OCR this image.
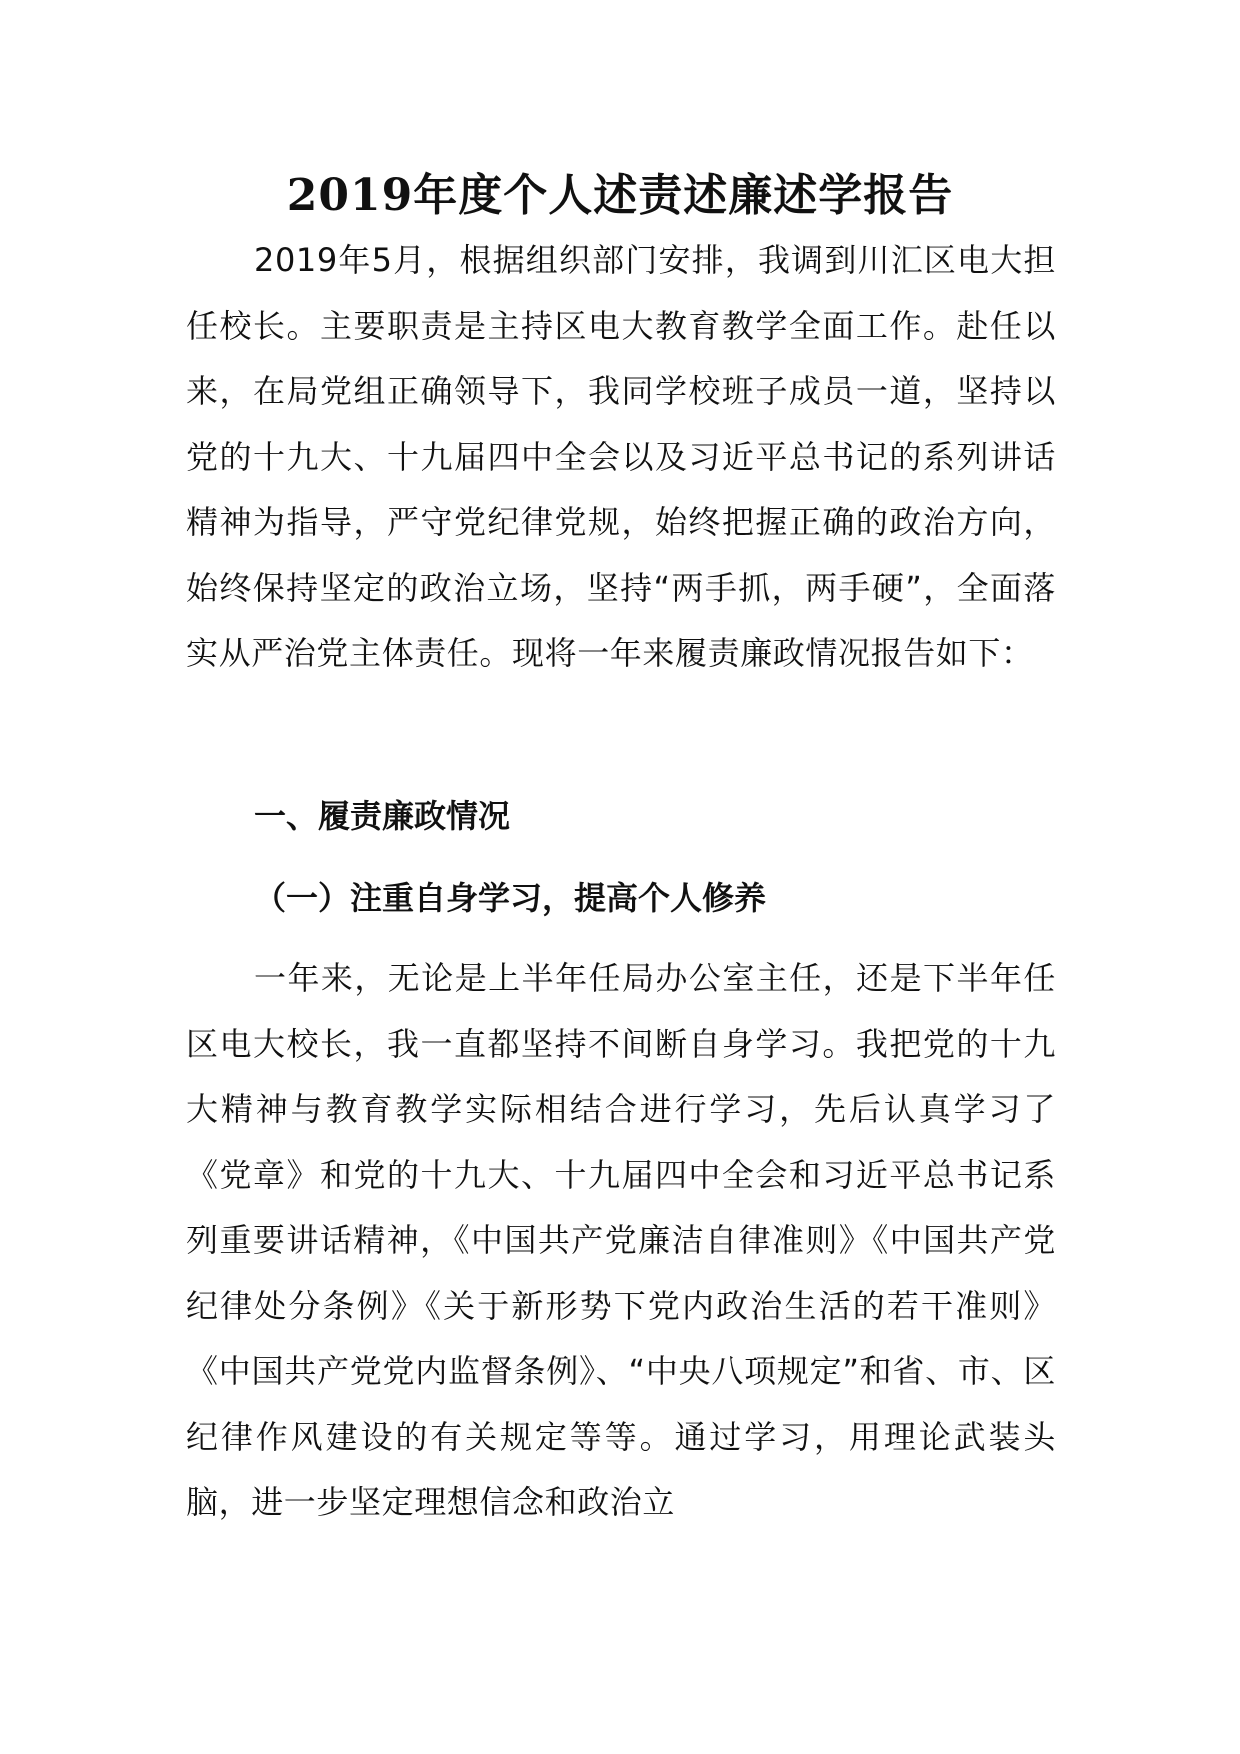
2019年度个人述责述廉述学报告

2019年5月，根据组织部门安排，我调到川汇区电大担任校长。主要职责是主持区电大教育教学全面工作。赴任以来，在局党组正确领导下，我同学校班子成员一道，坚持以党的十九大、十九届四中全会以及习近平总书记的系列讲话精神为指导，严守党纪律党规，始终把握正确的政治方向，始终保持坚定的政治立场，坚持“两手抓，两手硬”，全面落实从严治党主体责任。现将一年来履责廉政情况报告如下：

一、履责廉政情况
（一）注重自身学习，提高个人修养

一年来，无论是上半年任局办公室主任，还是下半年任区电大校长，我一直都坚持不间断自身学习。我把党的十九大精神与教育教学实际相结合进行学习，先后认真学习了《党章》和党的十九大、十九届四中全会和习近平总书记系列重要讲话精神，《中国共产党廉洁自律准则》《中国共产党纪律处分条例》《关于新形势下党内政治生活的若干准则》《中国共产党党内监督条例》、“中央八项规定”和省、市、区纪律作风建设的有关规定等等。通过学习，用理论武装头脑，进一步坚定理想信念和政治立
